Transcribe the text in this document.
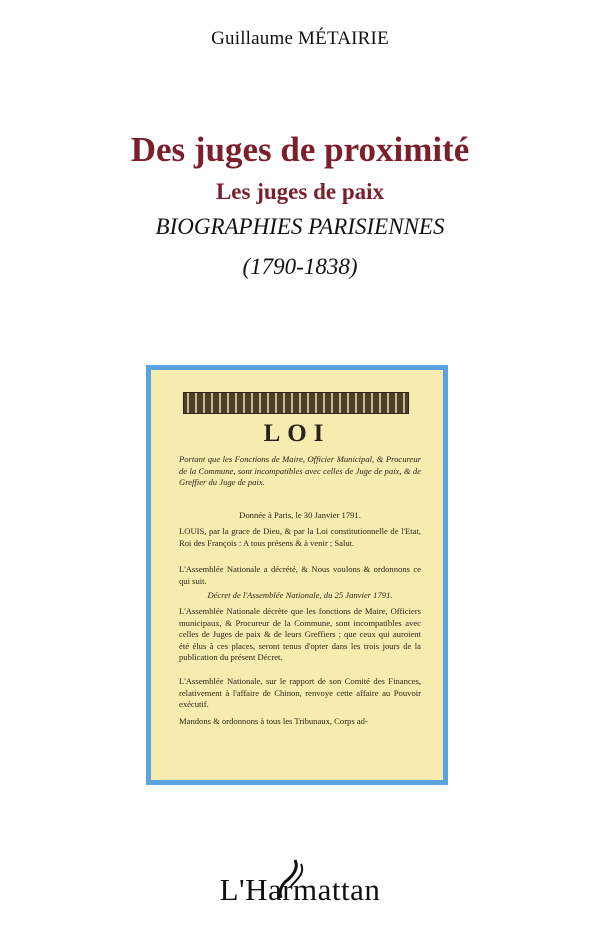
Guillaume MÉTAIRIE
Des juges de proximité
Les juges de paix
BIOGRAPHIES PARISIENNES
(1790-1838)
LOI
Portant que les Fonctions de Maire, Officier Municipal, & Procureur de la Commune, sont incompatibles avec celles de Juge de paix, & de Greffier du Juge de paix.
Donnée à Paris, le 30 Janvier 1791.
LOUIS, par la grace de Dieu, & par la Loi constitutionnelle de l'Etat, Roi des François : A tous présens & à venir ; Salut.
L'Assemblée Nationale a décrété, & Nous voulons & ordonnons ce qui suit.
Décret de l'Assemblée Nationale, du 25 Janvier 1791.
L'Assemblée Nationale décrète que les fonctions de Maire, Officiers municipaux, & Procureur de la Commune, sont incompatibles avec celles de Juges de paix & de leurs Greffiers ; que ceux qui auroient été élus à ces places, seront tenus d'opter dans les trois jours de la publication du présent Décret.
L'Assemblée Nationale, sur le rapport de son Comité des Finances, relativement à l'affaire de Chinon, renvoye cette affaire au Pouvoir exécutif.
Mandons & ordonnons à tous les Tribunaux, Corps ad-
L'Harmattan
